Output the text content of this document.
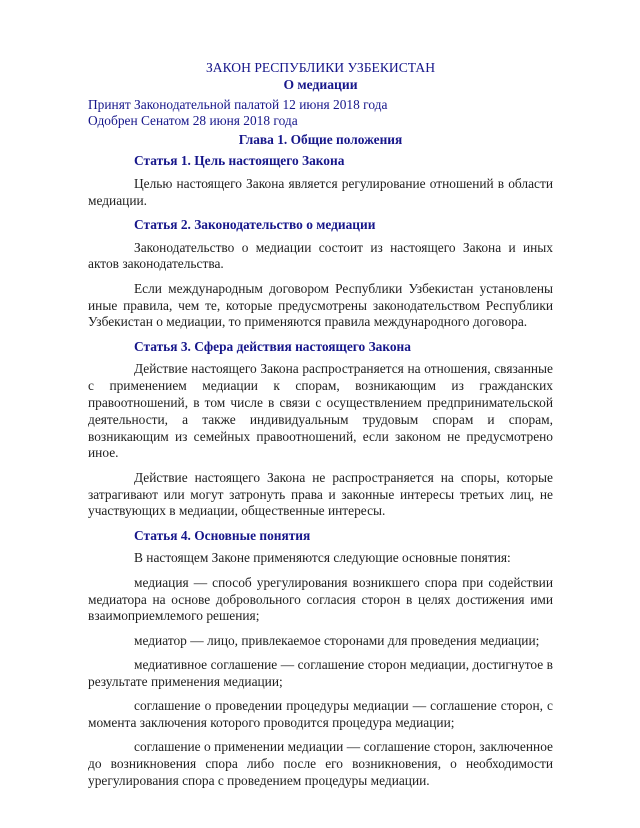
ЗАКОН РЕСПУБЛИКИ УЗБЕКИСТАН
О медиации
Принят Законодательной палатой 12 июня 2018 года
Одобрен Сенатом 28 июня 2018 года
Глава 1. Общие положения
Статья 1. Цель настоящего Закона

Целью настоящего Закона является регулирование отношений в области медиации.

Статья 2. Законодательство о медиации

Законодательство о медиации состоит из настоящего Закона и иных актов законодательства.

Если международным договором Республики Узбекистан установлены иные правила, чем те, которые предусмотрены законодательством Республики Узбекистан о медиации, то применяются правила международного договора.

Статья 3. Сфера действия настоящего Закона

Действие настоящего Закона распространяется на отношения, связанные с применением медиации к спорам, возникающим из гражданских правоотношений, в том числе в связи с осуществлением предпринимательской деятельности, а также индивидуальным трудовым спорам и спорам, возникающим из семейных правоотношений, если законом не предусмотрено иное.

Действие настоящего Закона не распространяется на споры, которые затрагивают или могут затронуть права и законные интересы третьих лиц, не участвующих в медиации, общественные интересы.

Статья 4. Основные понятия

В настоящем Законе применяются следующие основные понятия:

медиация — способ урегулирования возникшего спора при содействии медиатора на основе добровольного согласия сторон в целях достижения ими взаимоприемлемого решения;

медиатор — лицо, привлекаемое сторонами для проведения медиации;

медиативное соглашение — соглашение сторон медиации, достигнутое в результате применения медиации;

соглашение о проведении процедуры медиации — соглашение сторон, с момента заключения которого проводится процедура медиации;

соглашение о применении медиации — соглашение сторон, заключенное до возникновения спора либо после его возникновения, о необходимости урегулирования спора с проведением процедуры медиации.
